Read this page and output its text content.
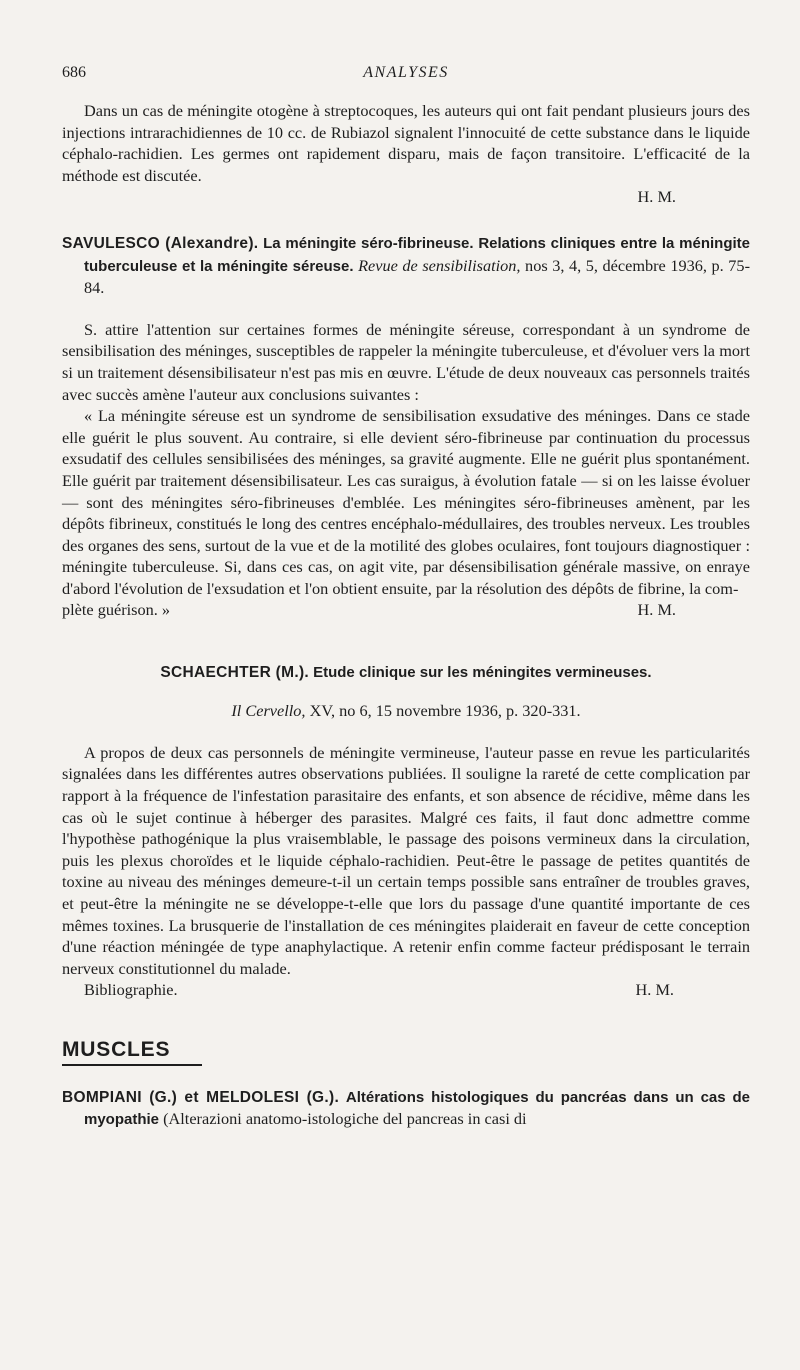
686	ANALYSES

Dans un cas de méningite otogène à streptocoques, les auteurs qui ont fait pendant plusieurs jours des injections intrarachidiennes de 10 cc. de Rubiazol signalent l'innocuité de cette substance dans le liquide céphalo-rachidien. Les germes ont rapidement disparu, mais de façon transitoire. L'efficacité de la méthode est discutée.

H. M.

SAVULESCO (Alexandre). La méningite séro-fibrineuse. Relations cliniques entre la méningite tuberculeuse et la méningite séreuse. Revue de sensibilisation, nos 3, 4, 5, décembre 1936, p. 75-84.

S. attire l'attention sur certaines formes de méningite séreuse, correspondant à un syndrome de sensibilisation des méninges, susceptibles de rappeler la méningite tuberculeuse, et d'évoluer vers la mort si un traitement désensibilisateur n'est pas mis en œuvre. L'étude de deux nouveaux cas personnels traités avec succès amène l'auteur aux conclusions suivantes :

« La méningite séreuse est un syndrome de sensibilisation exsudative des méninges. Dans ce stade elle guérit le plus souvent. Au contraire, si elle devient séro-fibrineuse par continuation du processus exsudatif des cellules sensibilisées des méninges, sa gravité augmente. Elle ne guérit plus spontanément. Elle guérit par traitement désensibilisateur. Les cas suraigus, à évolution fatale — si on les laisse évoluer — sont des méningites séro-fibrineuses d'emblée. Les méningites séro-fibrineuses amènent, par les dépôts fibrineux, constitués le long des centres encéphalo-médullaires, des troubles nerveux. Les troubles des organes des sens, surtout de la vue et de la motilité des globes oculaires, font toujours diagnostiquer : méningite tuberculeuse. Si, dans ces cas, on agit vite, par désensibilisation générale massive, on enraye d'abord l'évolution de l'exsudation et l'on obtient ensuite, par la résolution des dépôts de fibrine, la com-

plète guérison. »	H. M.

SCHAECHTER (M.). Etude clinique sur les méningites vermineuses.

Il Cervello, XV, no 6, 15 novembre 1936, p. 320-331.

A propos de deux cas personnels de méningite vermineuse, l'auteur passe en revue les particularités signalées dans les différentes autres observations publiées. Il souligne la rareté de cette complication par rapport à la fréquence de l'infestation parasitaire des enfants, et son absence de récidive, même dans les cas où le sujet continue à héberger des parasites. Malgré ces faits, il faut donc admettre comme l'hypothèse pathogénique la plus vraisemblable, le passage des poisons vermineux dans la circulation, puis les plexus choroïdes et le liquide céphalo-rachidien. Peut-être le passage de petites quantités de toxine au niveau des méninges demeure-t-il un certain temps possible sans entraîner de troubles graves, et peut-être la méningite ne se développe-t-elle que lors du passage d'une quantité importante de ces mêmes toxines. La brusquerie de l'installation de ces méningites plaiderait en faveur de cette conception d'une réaction méningée de type anaphylactique. A retenir enfin comme facteur prédisposant le terrain nerveux constitutionnel du malade.

Bibliographie.	H. M.
MUSCLES

BOMPIANI (G.) et MELDOLESI (G.). Altérations histologiques du pancréas dans un cas de myopathie (Alterazioni anatomo-istologiche del pancreas in casi di
